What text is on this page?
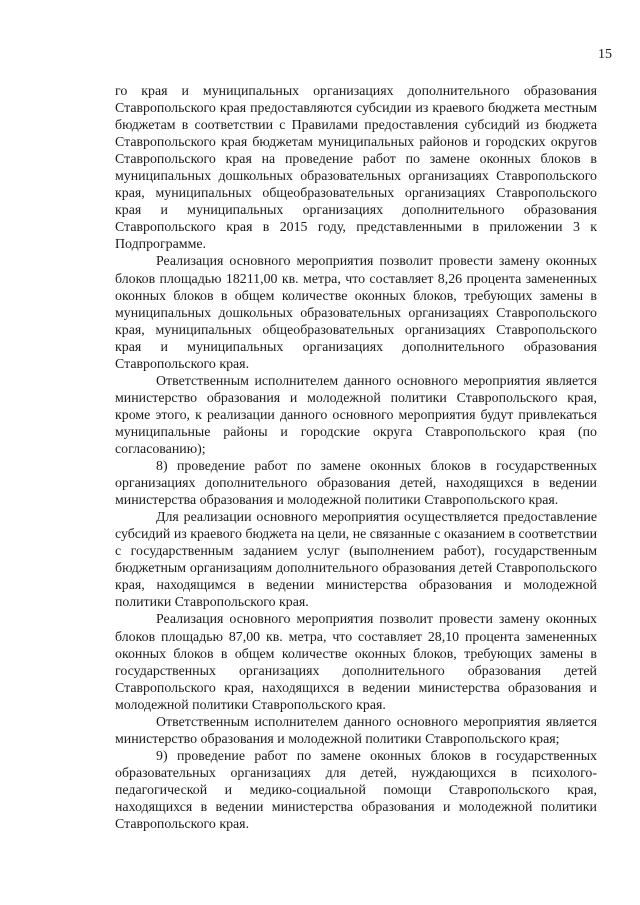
15

го края и муниципальных организациях дополнительного образования Ставропольского края предоставляются субсидии из краевого бюджета местным бюджетам в соответствии с Правилами предоставления субсидий из бюджета Ставропольского края бюджетам муниципальных районов и городских округов Ставропольского края на проведение работ по замене оконных блоков в муниципальных дошкольных образовательных организациях Ставропольского края, муниципальных общеобразовательных организациях Ставропольского края и муниципальных организациях дополнительного образования Ставропольского края в 2015 году, представленными в приложении 3 к Подпрограмме.

Реализация основного мероприятия позволит провести замену оконных блоков площадью 18211,00 кв. метра, что составляет 8,26 процента замененных оконных блоков в общем количестве оконных блоков, требующих замены в муниципальных дошкольных образовательных организациях Ставропольского края, муниципальных общеобразовательных организациях Ставропольского края и муниципальных организациях дополнительного образования Ставропольского края.

Ответственным исполнителем данного основного мероприятия является министерство образования и молодежной политики Ставропольского края, кроме этого, к реализации данного основного мероприятия будут привлекаться муниципальные районы и городские округа Ставропольского края (по согласованию);

8) проведение работ по замене оконных блоков в государственных организациях дополнительного образования детей, находящихся в ведении министерства образования и молодежной политики Ставропольского края.

Для реализации основного мероприятия осуществляется предоставление субсидий из краевого бюджета на цели, не связанные с оказанием в соответствии с государственным заданием услуг (выполнением работ), государственным бюджетным организациям дополнительного образования детей Ставропольского края, находящимся в ведении министерства образования и молодежной политики Ставропольского края.

Реализация основного мероприятия позволит провести замену оконных блоков площадью 87,00 кв. метра, что составляет 28,10 процента замененных оконных блоков в общем количестве оконных блоков, требующих замены в государственных организациях дополнительного образования детей Ставропольского края, находящихся в ведении министерства образования и молодежной политики Ставропольского края.

Ответственным исполнителем данного основного мероприятия является министерство образования и молодежной политики Ставропольского края;

9) проведение работ по замене оконных блоков в государственных образовательных организациях для детей, нуждающихся в психолого-педагогической и медико-социальной помощи Ставропольского края, находящихся в ведении министерства образования и молодежной политики Ставропольского края.
